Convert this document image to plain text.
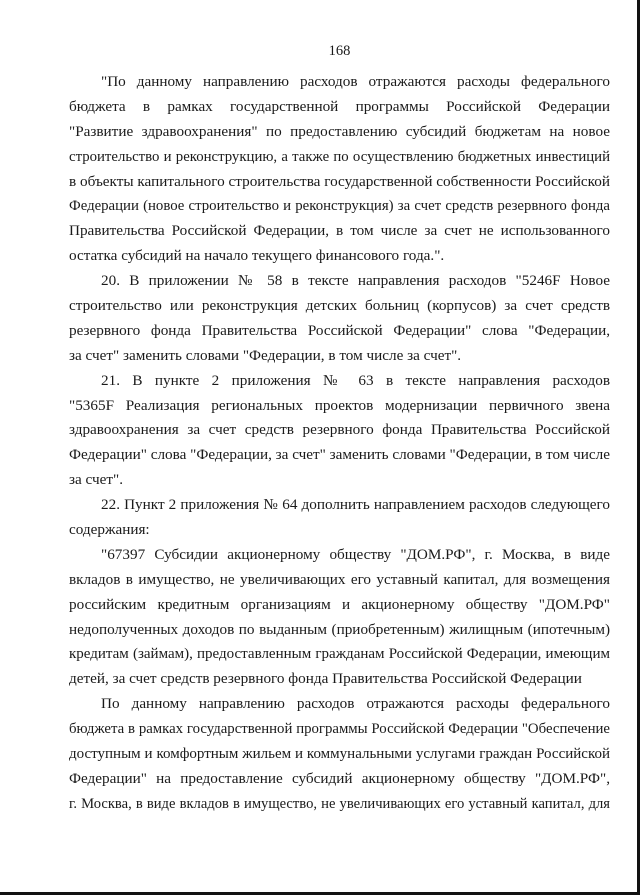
168
"По данному направлению расходов отражаются расходы федерального
бюджета в рамках государственной программы Российской Федерации
"Развитие здравоохранения" по предоставлению субсидий бюджетам на новое
строительство и реконструкцию, а также по осуществлению бюджетных инвестиций
в объекты капитального строительства государственной собственности Российской
Федерации (новое строительство и реконструкция) за счет средств резервного фонда
Правительства Российской Федерации, в том числе за счет не использованного
остатка субсидий на начало текущего финансового года.".
20. В приложении № 58 в тексте направления расходов "5246F Новое
строительство или реконструкция детских больниц (корпусов) за счет средств
резервного фонда Правительства Российской Федерации" слова "Федерации,
за счет" заменить словами "Федерации, в том числе за счет".
21. В пункте 2 приложения № 63 в тексте направления расходов
"5365F Реализация региональных проектов модернизации первичного звена
здравоохранения за счет средств резервного фонда Правительства Российской
Федерации" слова "Федерации, за счет" заменить словами "Федерации, в том числе
за счет".
22. Пункт 2 приложения № 64 дополнить направлением расходов следующего
содержания:
"67397 Субсидии акционерному обществу "ДОМ.РФ", г. Москва, в виде
вкладов в имущество, не увеличивающих его уставный капитал, для возмещения
российским кредитным организациям и акционерному обществу "ДОМ.РФ"
недополученных доходов по выданным (приобретенным) жилищным (ипотечным)
кредитам (займам), предоставленным гражданам Российской Федерации, имеющим
детей, за счет средств резервного фонда Правительства Российской Федерации
По данному направлению расходов отражаются расходы федерального
бюджета в рамках государственной программы Российской Федерации "Обеспечение
доступным и комфортным жильем и коммунальными услугами граждан Российской
Федерации" на предоставление субсидий акционерному обществу "ДОМ.РФ",
г. Москва, в виде вкладов в имущество, не увеличивающих его уставный капитал, для
